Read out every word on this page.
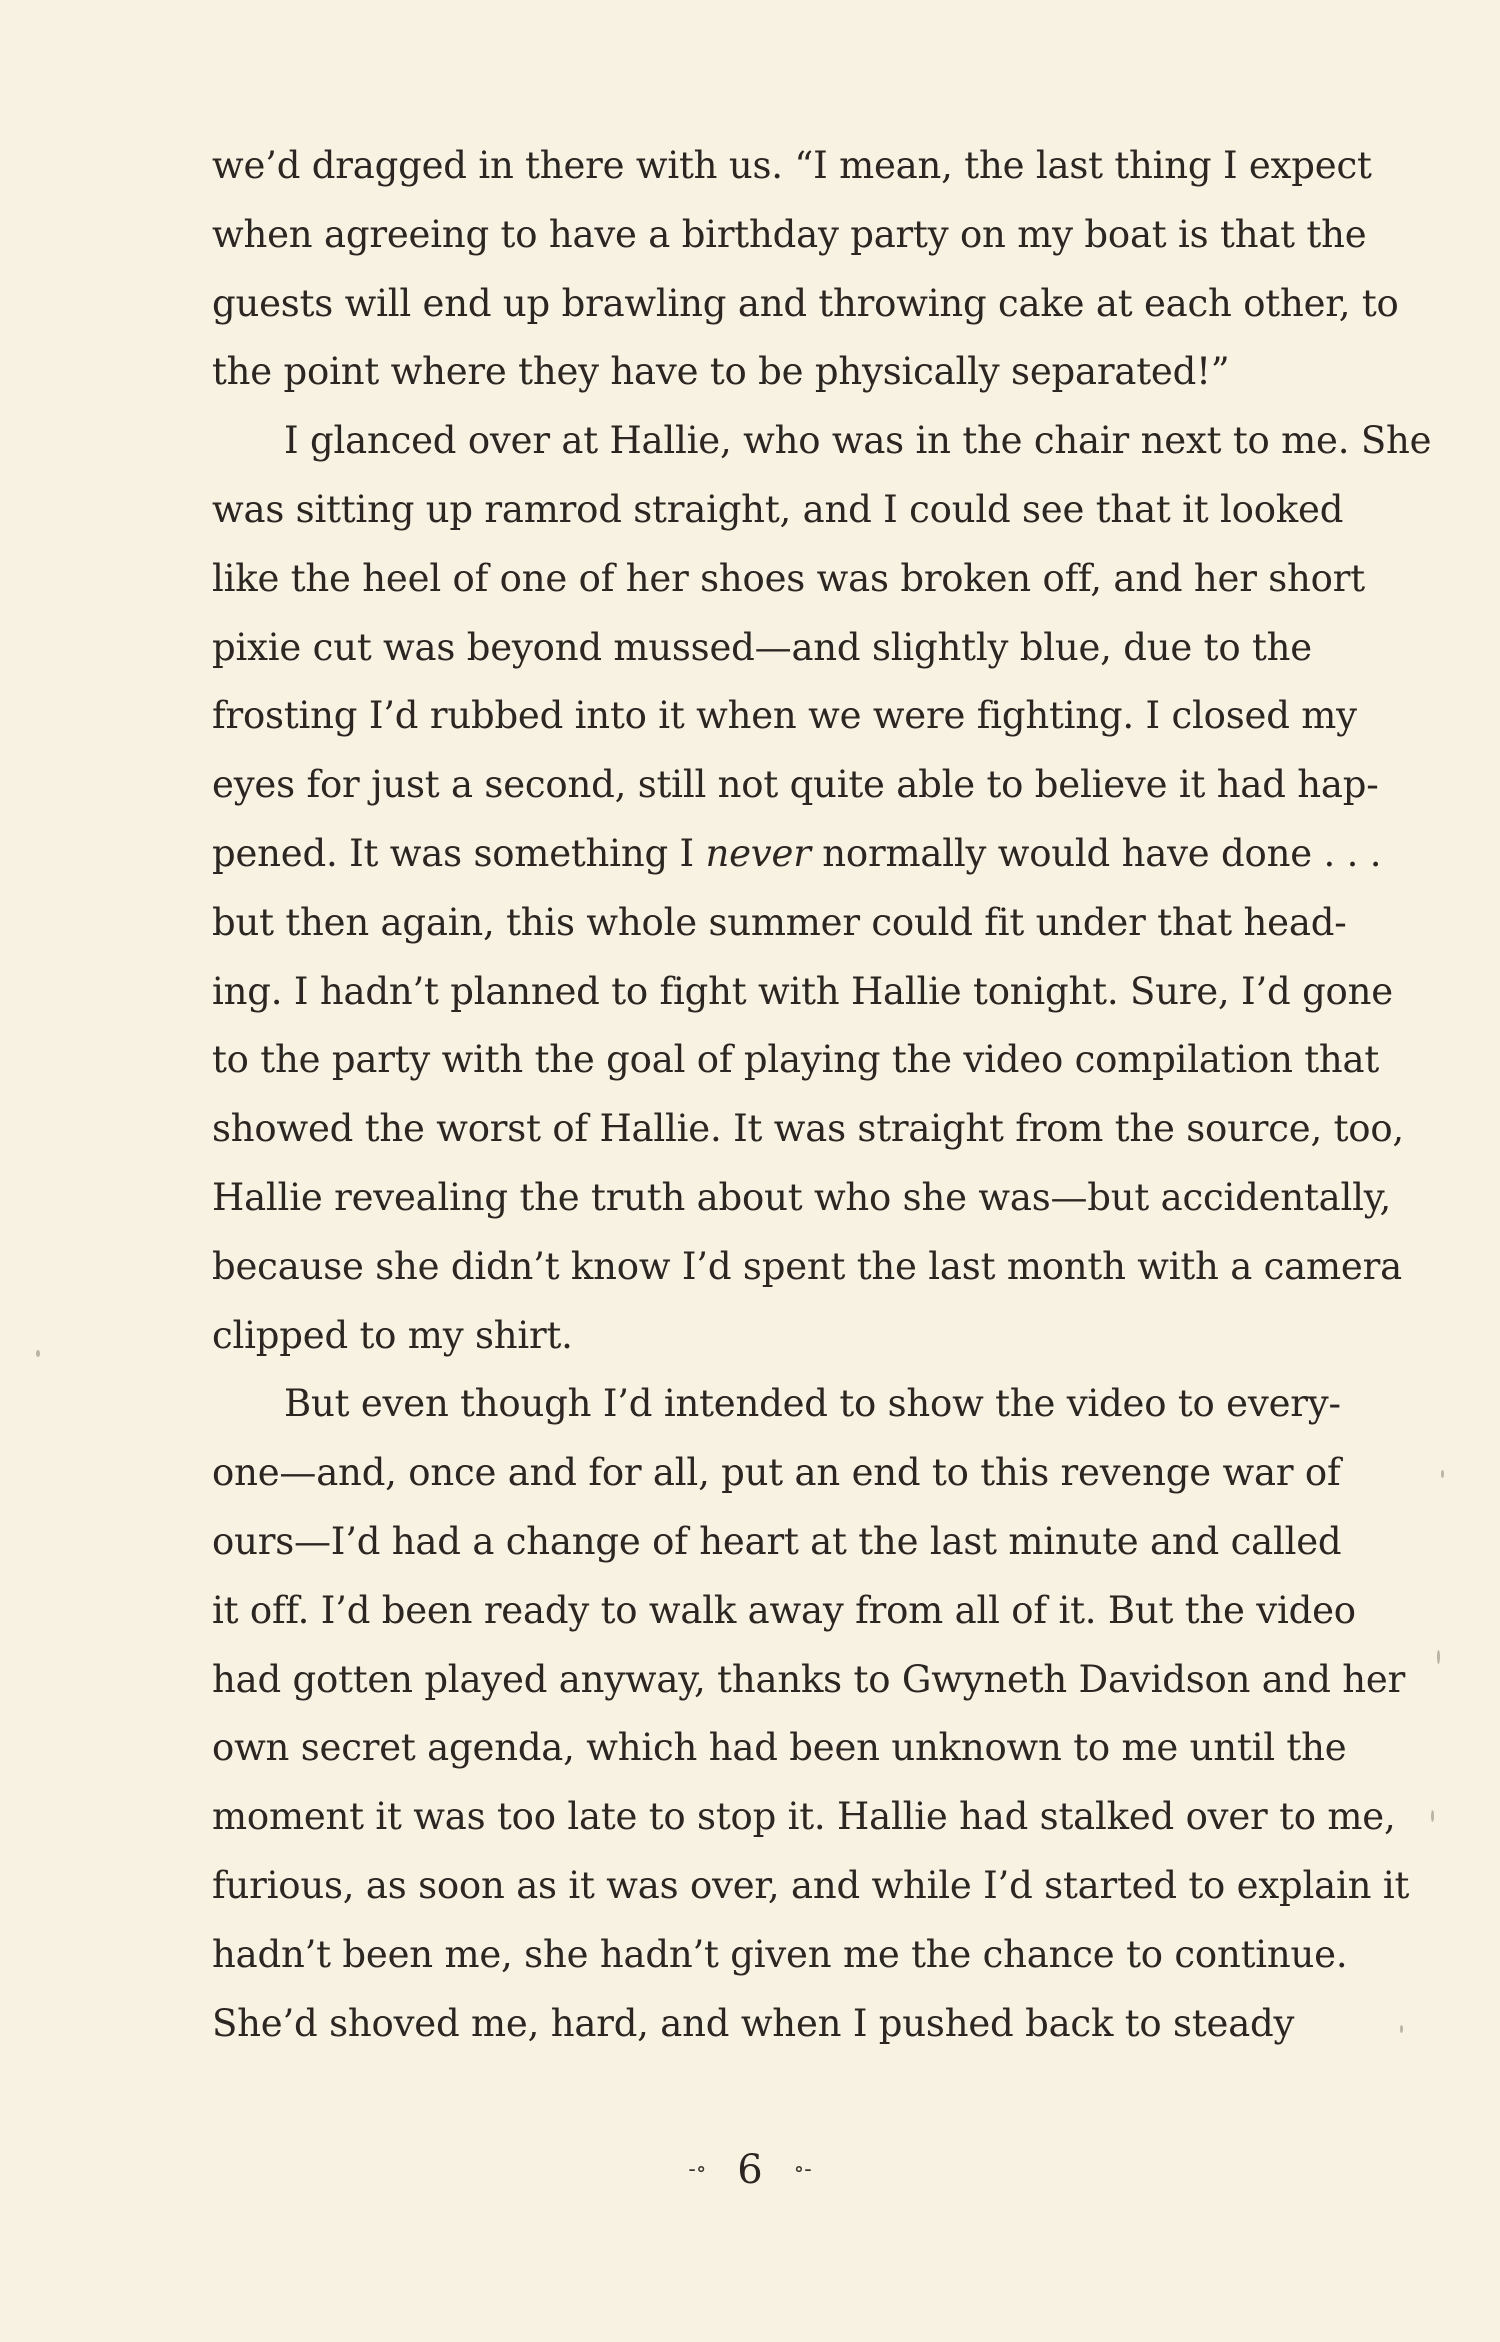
we’d dragged in there with us. “I mean, the last thing I expect
when agreeing to have a birthday party on my boat is that the
guests will end up brawling and throwing cake at each other, to
the point where they have to be physically separated!”
I glanced over at Hallie, who was in the chair next to me. She
was sitting up ramrod straight, and I could see that it looked
like the heel of one of her shoes was broken off, and her short
pixie cut was beyond mussed—and slightly blue, due to the
frosting I’d rubbed into it when we were fighting. I closed my
eyes for just a second, still not quite able to believe it had hap-
pened. It was something I never normally would have done . . .
but then again, this whole summer could fit under that head-
ing. I hadn’t planned to fight with Hallie tonight. Sure, I’d gone
to the party with the goal of playing the video compilation that
showed the worst of Hallie. It was straight from the source, too,
Hallie revealing the truth about who she was—but accidentally,
because she didn’t know I’d spent the last month with a camera
clipped to my shirt.
But even though I’d intended to show the video to every-
one—and, once and for all, put an end to this revenge war of
ours—I’d had a change of heart at the last minute and called
it off. I’d been ready to walk away from all of it. But the video
had gotten played anyway, thanks to Gwyneth Davidson and her
own secret agenda, which had been unknown to me until the
moment it was too late to stop it. Hallie had stalked over to me,
furious, as soon as it was over, and while I’d started to explain it
hadn’t been me, she hadn’t given me the chance to continue.
She’d shoved me, hard, and when I pushed back to steady
-∘ 6 ∘-
